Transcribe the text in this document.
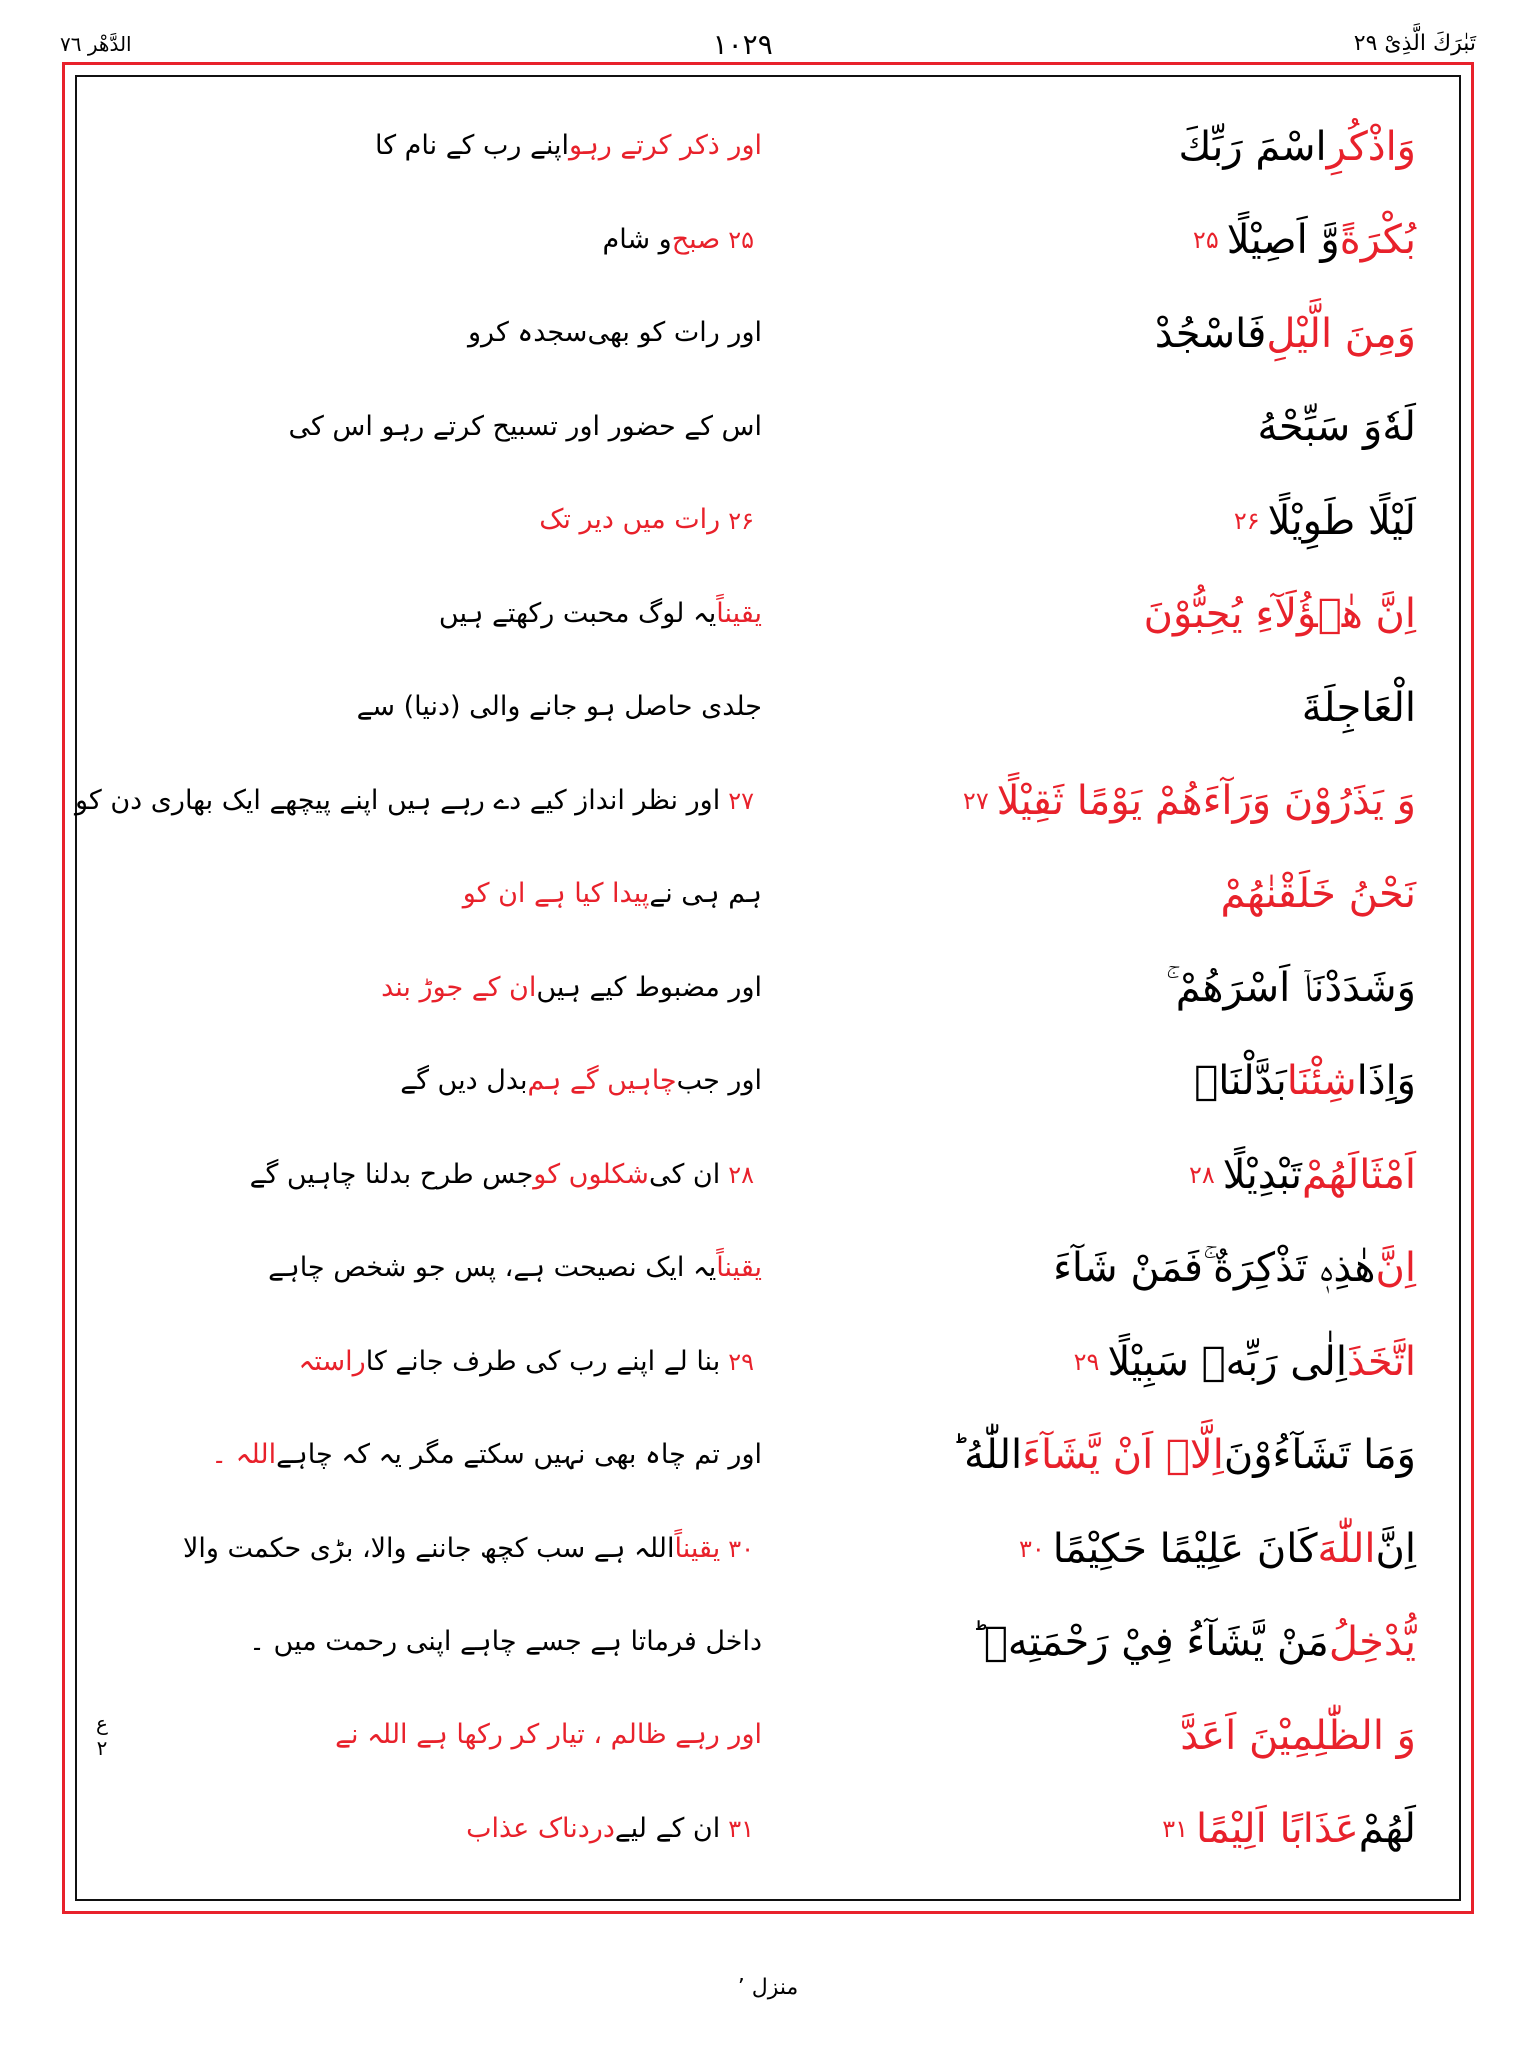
تَبٰرَكَ الَّذِیْ ٢٩
۱۰۲۹
الدَّهْر ٧٦
ع
۲
وَاذْكُرِ
اسْمَ رَبِّكَ
بُكْرَةً
وَّ اَصِيْلًا
۲۵
وَمِنَ الَّيْلِ
فَاسْجُدْ
لَهٗ
وَ سَبِّحْهُ
لَيْلًا طَوِيْلًا
۲۶
اِنَّ هٰۤؤُلَآءِ يُحِبُّوْنَ
الْعَاجِلَةَ
وَ يَذَرُوْنَ وَرَآءَهُمْ يَوْمًا ثَقِيْلًا
۲۷
نَحْنُ خَلَقْنٰهُمْ
وَشَدَدْنَاۤ اَسْرَهُمْ ۚ
وَاِذَا
شِئْنَا
بَدَّلْنَاۤ
اَمْثَالَهُمْ
تَبْدِيْلًا
۲۸
اِنَّ
هٰذِهٖ تَذْكِرَةٌ ۚ
فَمَنْ شَآءَ
اتَّخَذَ
اِلٰى رَبِّهٖ سَبِيْلًا
۲۹
وَمَا تَشَآءُوْنَ
اِلَّاۤ اَنْ يَّشَآءَ
اللّٰهُ ؕ
اِنَّ
اللّٰهَ
كَانَ عَلِيْمًا حَكِيْمًا
۳۰
يُّدْخِلُ
مَنْ يَّشَآءُ فِيْ رَحْمَتِهٖ ؕ
وَ الظّٰلِمِيْنَ اَعَدَّ
لَهُمْ
عَذَابًا اَلِيْمًا
۳۱
اور ذکر کرتے رہو
اپنے رب کے نام کا
۲۵
صبح
و شام
اور رات کو بھی
سجدہ کرو
اس کے حضور اور تسبیح کرتے رہو اس کی
۲۶
رات میں دیر تک
یقیناً
یہ لوگ محبت رکھتے ہیں
جلدی حاصل ہو جانے والی (دنیا) سے
۲۷
اور نظر انداز کیے دے رہے ہیں اپنے پیچھے ایک بھاری دن کو
ہم ہی نے
پیدا کیا ہے ان کو
اور مضبوط کیے ہیں
ان کے جوڑ بند
اور جب
چاہیں گے ہم
بدل دیں گے
۲۸
ان کی
شکلوں کو
جس طرح بدلنا چاہیں گے
یقیناً
یہ ایک نصیحت ہے، پس جو شخص چاہے
۲۹
بنا لے اپنے رب کی طرف جانے کا
راستہ
اور تم چاہ بھی نہیں سکتے مگر یہ کہ چاہے
اللہ ۔
۳۰
یقیناً
اللہ ہے سب کچھ جاننے والا، بڑی حکمت والا
داخل فرماتا ہے جسے چاہے اپنی رحمت میں ۔
اور رہے ظالم ، تیار کر رکھا ہے اللہ نے
۳۱
ان کے لیے
دردناک عذاب
منزل ٬
